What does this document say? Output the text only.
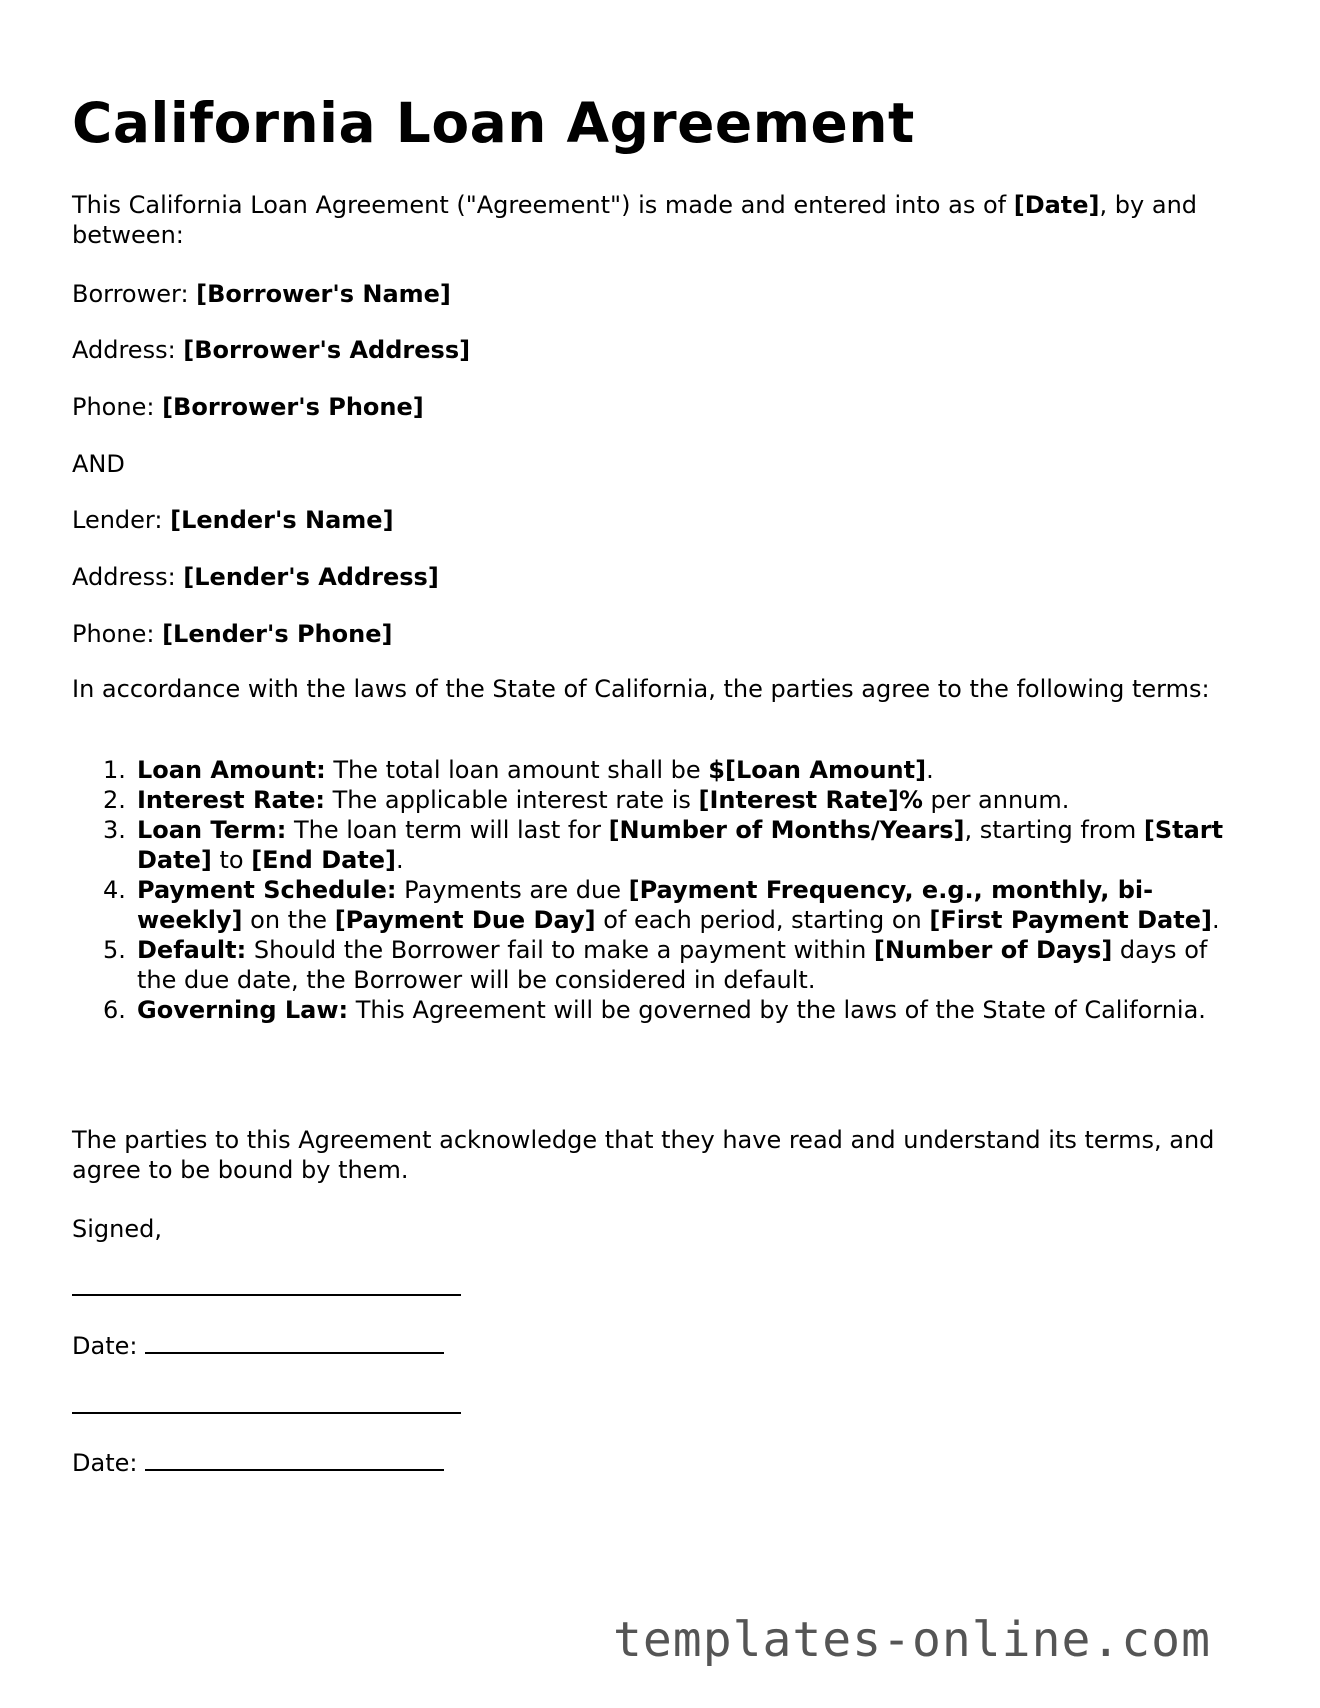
California Loan Agreement

This California Loan Agreement ("Agreement") is made and entered into as of [Date], by and between:

Borrower: [Borrower's Name]

Address: [Borrower's Address]

Phone: [Borrower's Phone]

AND

Lender: [Lender's Name]

Address: [Lender's Address]

Phone: [Lender's Phone]

In accordance with the laws of the State of California, the parties agree to the following terms:

1. Loan Amount: The total loan amount shall be $[Loan Amount].
2. Interest Rate: The applicable interest rate is [Interest Rate]% per annum.
3. Loan Term: The loan term will last for [Number of Months/Years], starting from [Start Date] to [End Date].
4. Payment Schedule: Payments are due [Payment Frequency, e.g., monthly, bi-weekly] on the [Payment Due Day] of each period, starting on [First Payment Date].
5. Default: Should the Borrower fail to make a payment within [Number of Days] days of the due date, the Borrower will be considered in default.
6. Governing Law: This Agreement will be governed by the laws of the State of California.

The parties to this Agreement acknowledge that they have read and understand its terms, and agree to be bound by them.

Signed,

Date:

Date:

templates-online.com
